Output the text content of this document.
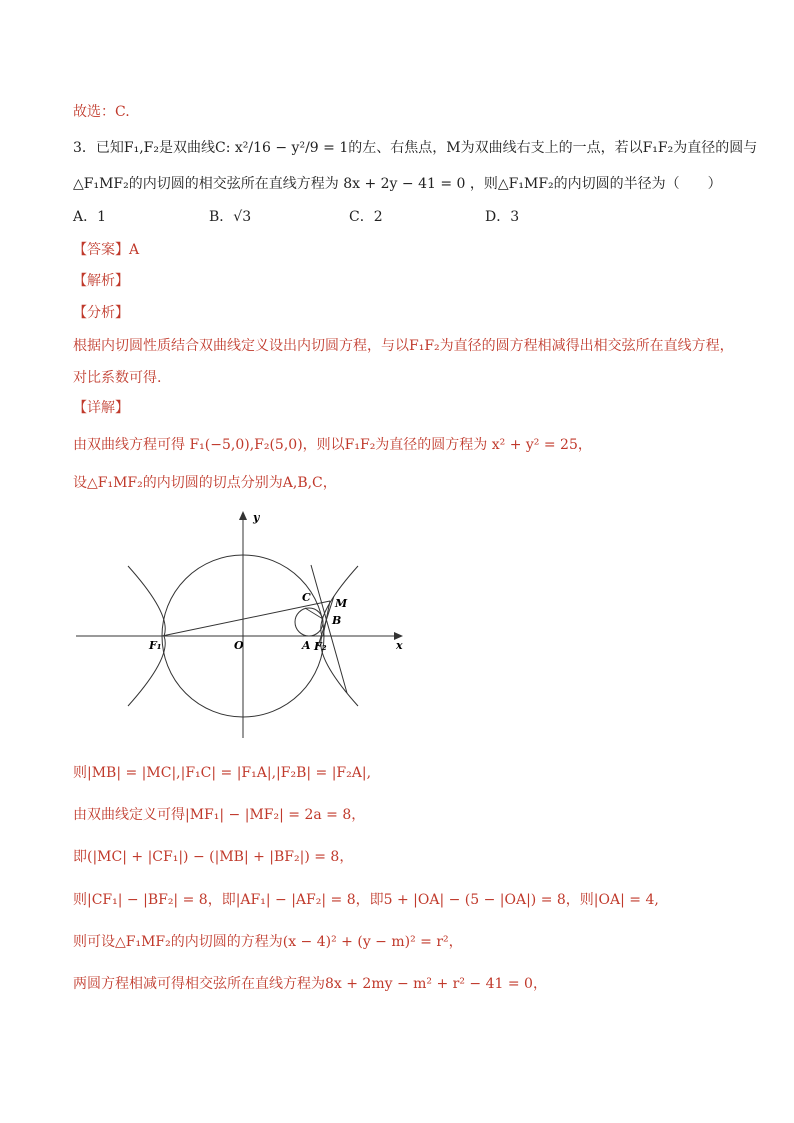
故选：C.
3．已知F₁,F₂是双曲线C: x²/16 − y²/9 = 1的左、右焦点，M为双曲线右支上的一点，若以F₁F₂为直径的圆与
△F₁MF₂的内切圆的相交弦所在直线方程为 8x + 2y − 41 = 0 ，则△F₁MF₂的内切圆的半径为（　　）
A．1	B．√3	C．2	D．3
【答案】A
【解析】
【分析】
根据内切圆性质结合双曲线定义设出内切圆方程，与以F₁F₂为直径的圆方程相减得出相交弦所在直线方程，
对比系数可得.
【详解】
由双曲线方程可得 F₁(−5,0),F₂(5,0)，则以F₁F₂为直径的圆方程为 x² + y² = 25，
设△F₁MF₂的内切圆的切点分别为A,B,C，
y
x
O
F₁	A F₂
C M
B
则|MB| = |MC|,|F₁C| = |F₁A|,|F₂B| = |F₂A|,
由双曲线定义可得|MF₁| − |MF₂| = 2a = 8，
即(|MC| + |CF₁|) − (|MB| + |BF₂|) = 8，
则|CF₁| − |BF₂| = 8，即|AF₁| − |AF₂| = 8，即5 + |OA| − (5 − |OA|) = 8，则|OA| = 4,
则可设△F₁MF₂的内切圆的方程为(x − 4)² + (y − m)² = r²，
两圆方程相减可得相交弦所在直线方程为8x + 2my − m² + r² − 41 = 0，
